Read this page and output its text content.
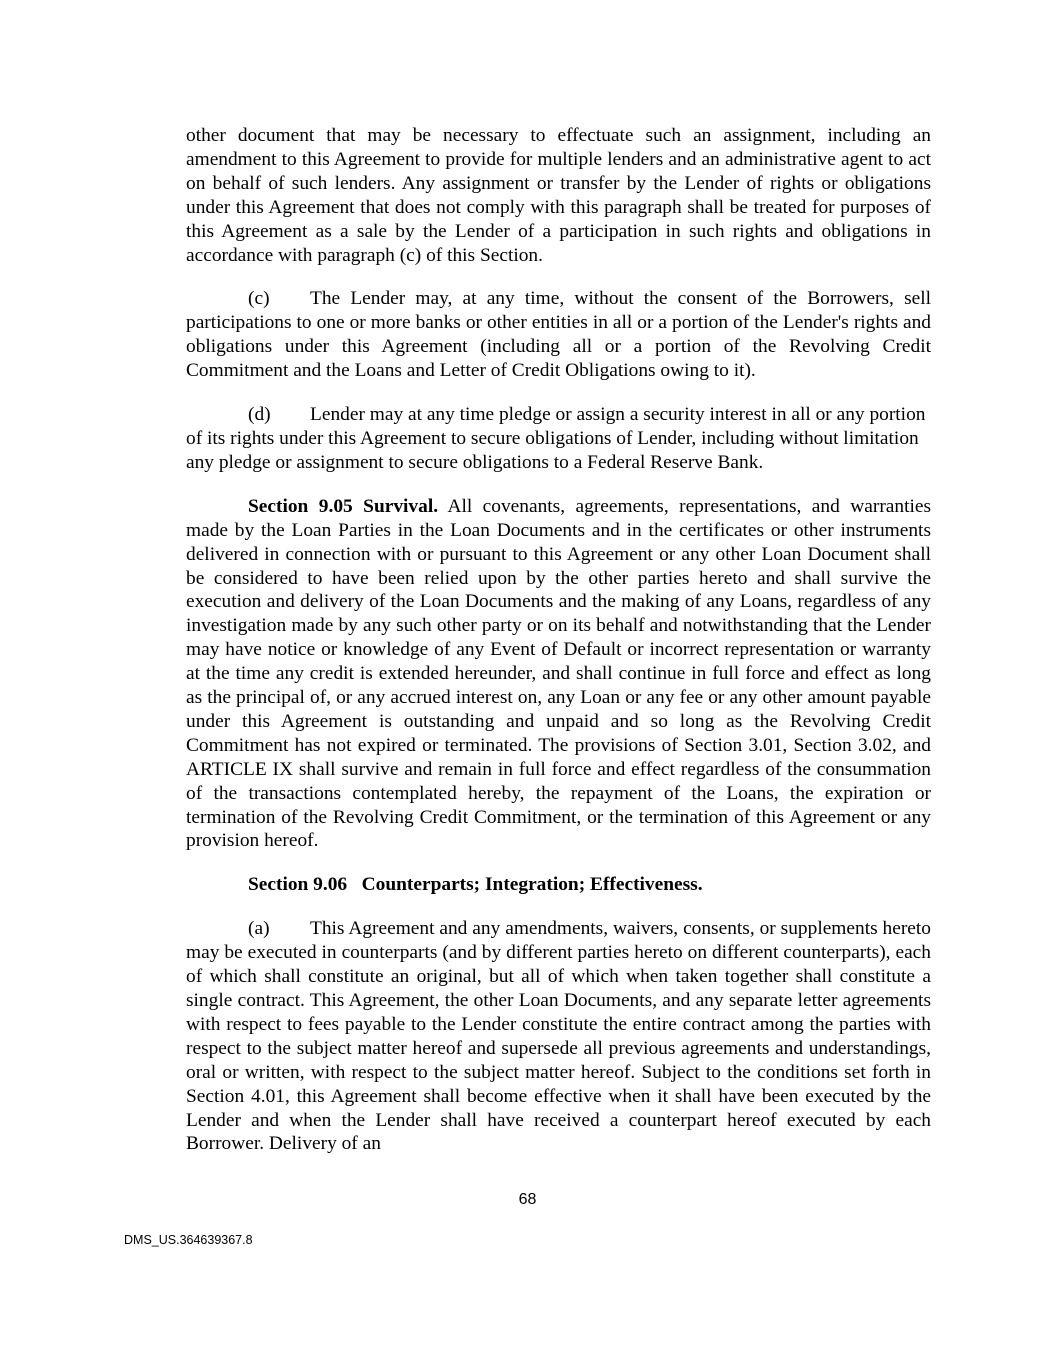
other document that may be necessary to effectuate such an assignment, including an amendment to this Agreement to provide for multiple lenders and an administrative agent to act on behalf of such lenders. Any assignment or transfer by the Lender of rights or obligations under this Agreement that does not comply with this paragraph shall be treated for purposes of this Agreement as a sale by the Lender of a participation in such rights and obligations in accordance with paragraph (c) of this Section.

(c) The Lender may, at any time, without the consent of the Borrowers, sell participations to one or more banks or other entities in all or a portion of the Lender's rights and obligations under this Agreement (including all or a portion of the Revolving Credit Commitment and the Loans and Letter of Credit Obligations owing to it).

(d) Lender may at any time pledge or assign a security interest in all or any portion of its rights under this Agreement to secure obligations of Lender, including without limitation any pledge or assignment to secure obligations to a Federal Reserve Bank.

Section 9.05 Survival. All covenants, agreements, representations, and warranties made by the Loan Parties in the Loan Documents and in the certificates or other instruments delivered in connection with or pursuant to this Agreement or any other Loan Document shall be considered to have been relied upon by the other parties hereto and shall survive the execution and delivery of the Loan Documents and the making of any Loans, regardless of any investigation made by any such other party or on its behalf and notwithstanding that the Lender may have notice or knowledge of any Event of Default or incorrect representation or warranty at the time any credit is extended hereunder, and shall continue in full force and effect as long as the principal of, or any accrued interest on, any Loan or any fee or any other amount payable under this Agreement is outstanding and unpaid and so long as the Revolving Credit Commitment has not expired or terminated. The provisions of Section 3.01, Section 3.02, and ARTICLE IX shall survive and remain in full force and effect regardless of the consummation of the transactions contemplated hereby, the repayment of the Loans, the expiration or termination of the Revolving Credit Commitment, or the termination of this Agreement or any provision hereof.

Section 9.06 Counterparts; Integration; Effectiveness.

(a) This Agreement and any amendments, waivers, consents, or supplements hereto may be executed in counterparts (and by different parties hereto on different counterparts), each of which shall constitute an original, but all of which when taken together shall constitute a single contract. This Agreement, the other Loan Documents, and any separate letter agreements with respect to fees payable to the Lender constitute the entire contract among the parties with respect to the subject matter hereof and supersede all previous agreements and understandings, oral or written, with respect to the subject matter hereof. Subject to the conditions set forth in Section 4.01, this Agreement shall become effective when it shall have been executed by the Lender and when the Lender shall have received a counterpart hereof executed by each Borrower. Delivery of an

68
DMS_US.364639367.8
